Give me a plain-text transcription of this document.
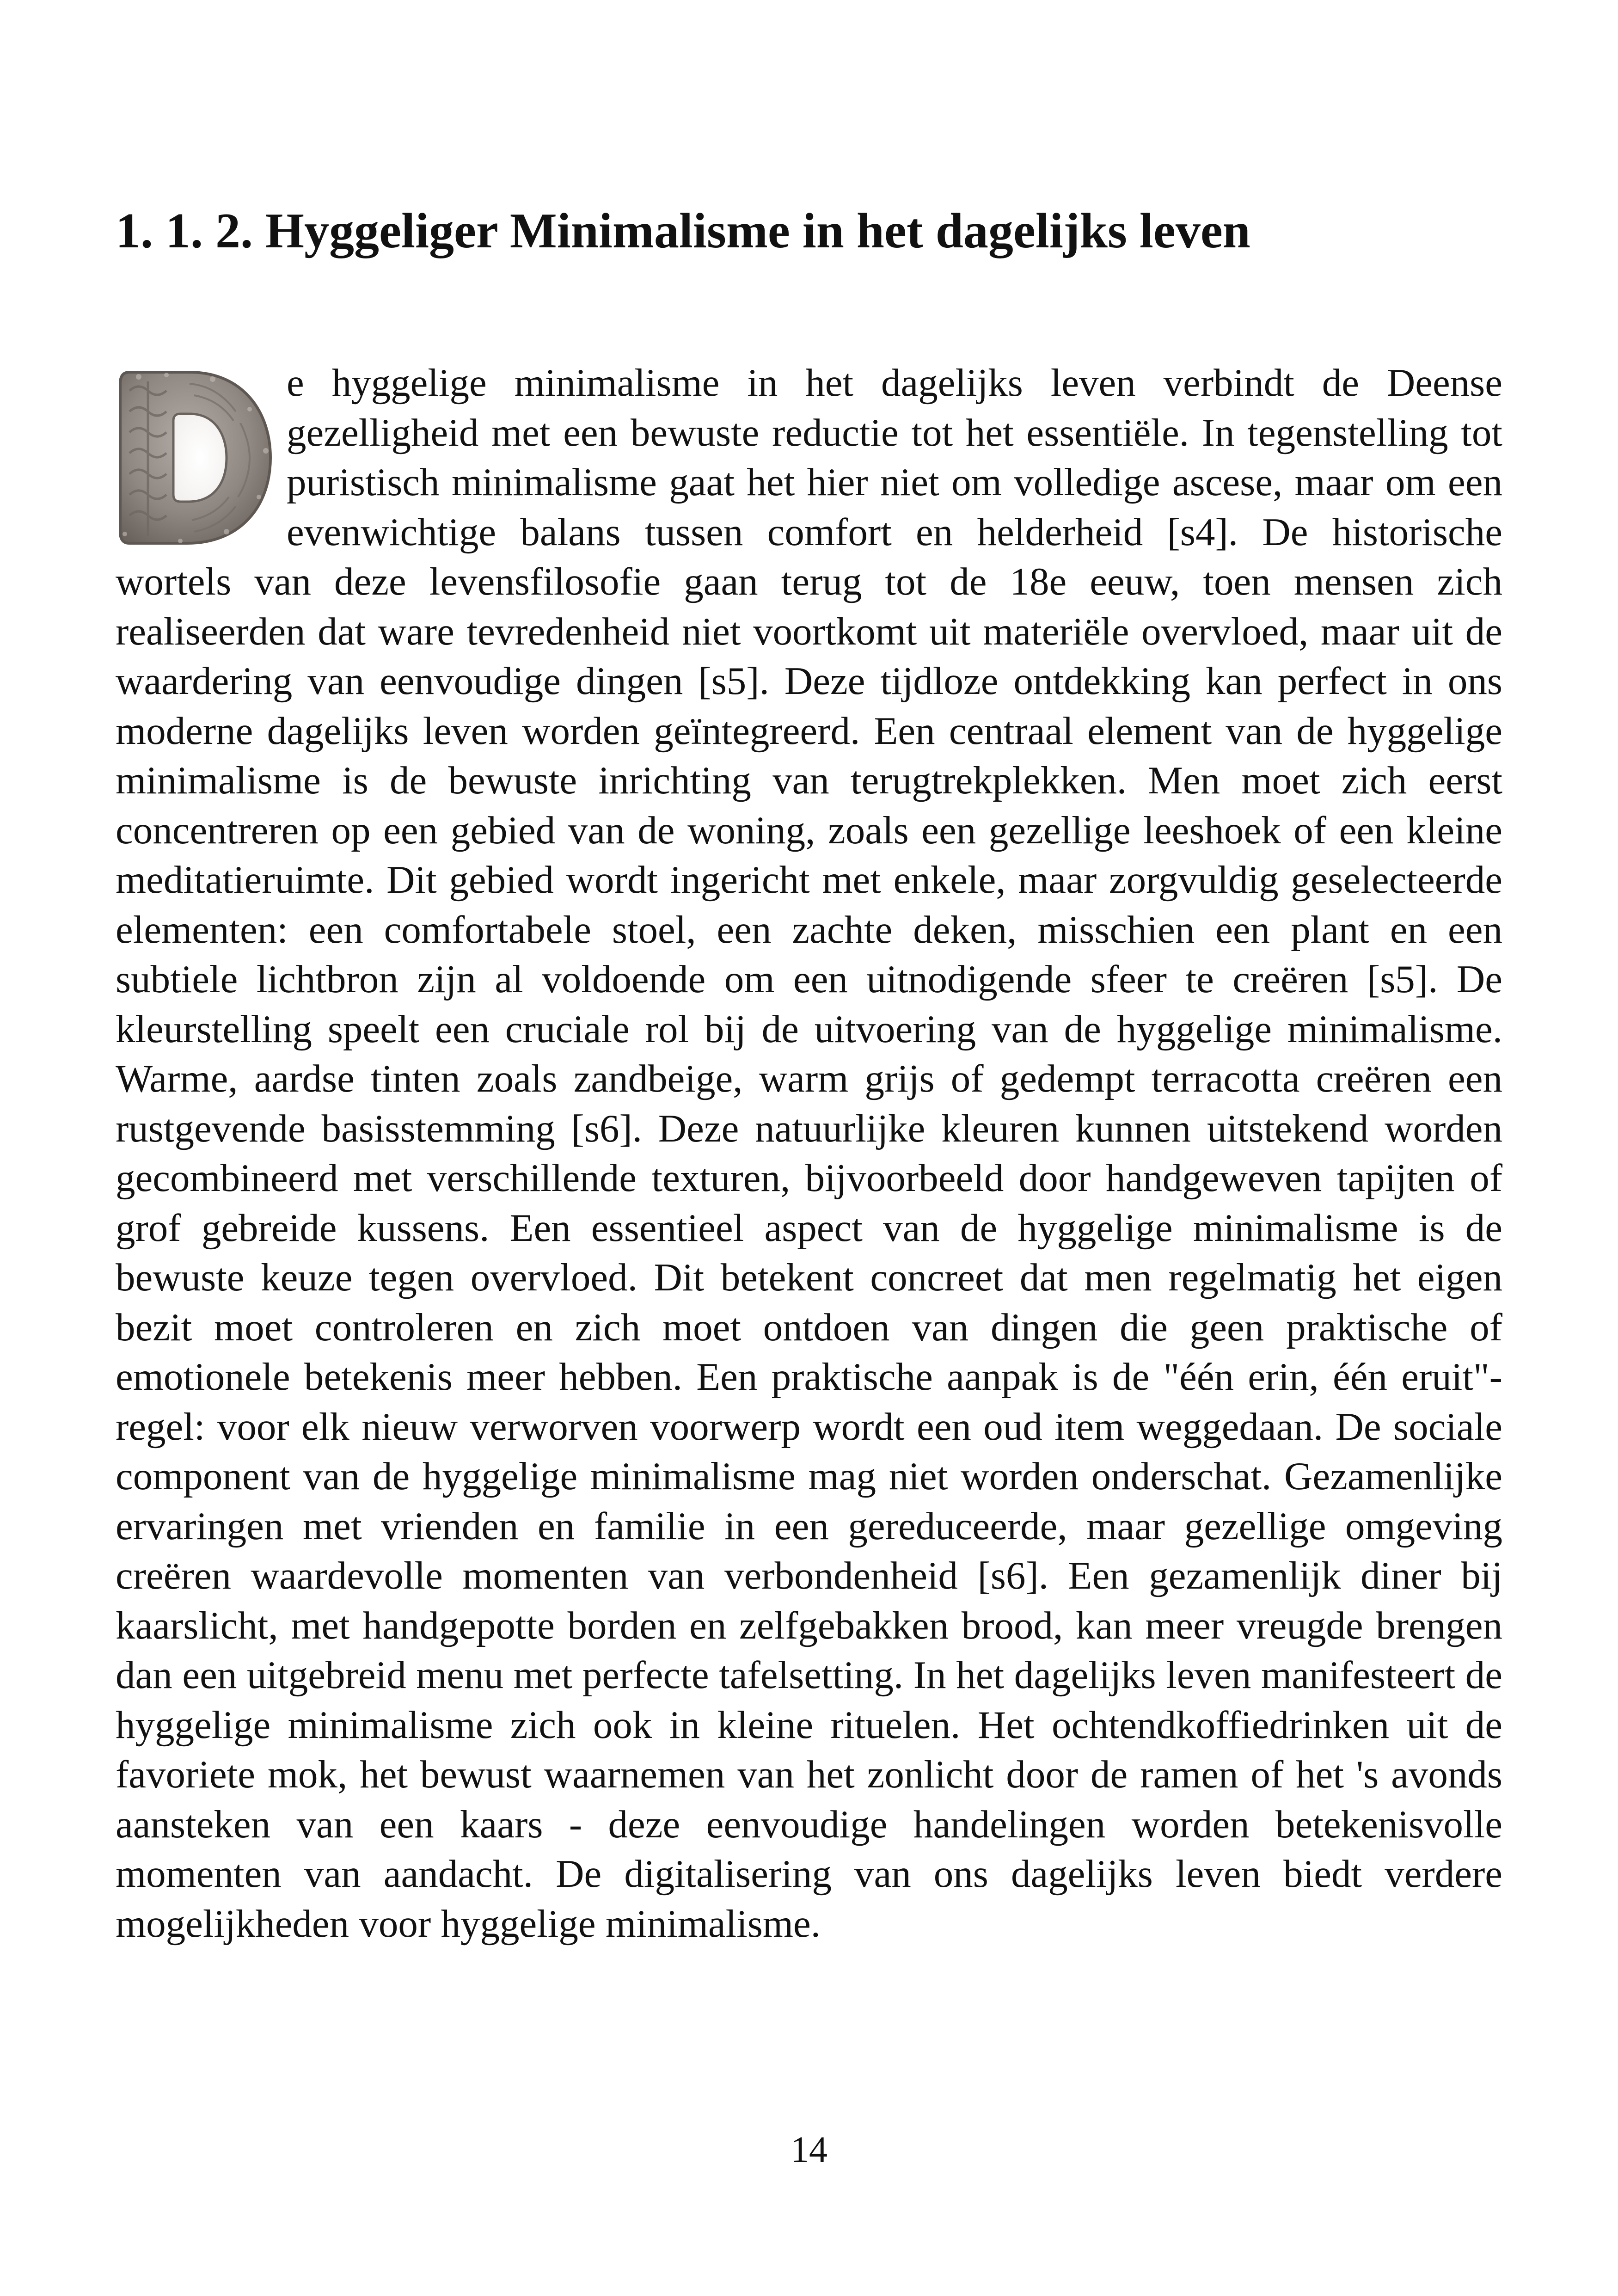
1. 1. 2. Hyggeliger Minimalisme in het dagelijks leven

e hyggelige minimalisme in het dagelijks leven verbindt de Deense gezelligheid met een bewuste reductie tot het essentiële. In tegenstelling tot puristisch minimalisme gaat het hier niet om volledige ascese, maar om een evenwichtige balans tussen comfort en helderheid [s4]. De historische wortels van deze levensfilosofie gaan terug tot de 18e eeuw, toen mensen zich realiseerden dat ware tevredenheid niet voortkomt uit materiële overvloed, maar uit de waardering van eenvoudige dingen [s5]. Deze tijdloze ontdekking kan perfect in ons moderne dagelijks leven worden geïntegreerd. Een centraal element van de hyggelige minimalisme is de bewuste inrichting van terugtrekplekken. Men moet zich eerst concentreren op een gebied van de woning, zoals een gezellige leeshoek of een kleine meditatieruimte. Dit gebied wordt ingericht met enkele, maar zorgvuldig geselecteerde elementen: een comfortabele stoel, een zachte deken, misschien een plant en een subtiele lichtbron zijn al voldoende om een uitnodigende sfeer te creëren [s5]. De kleurstelling speelt een cruciale rol bij de uitvoering van de hyggelige minimalisme. Warme, aardse tinten zoals zandbeige, warm grijs of gedempt terracotta creëren een rustgevende basisstemming [s6]. Deze natuurlijke kleuren kunnen uitstekend worden gecombineerd met verschillende texturen, bijvoorbeeld door handgeweven tapijten of grof gebreide kussens. Een essentieel aspect van de hyggelige minimalisme is de bewuste keuze tegen overvloed. Dit betekent concreet dat men regelmatig het eigen bezit moet controleren en zich moet ontdoen van dingen die geen praktische of emotionele betekenis meer hebben. Een praktische aanpak is de "één erin, één eruit"-regel: voor elk nieuw verworven voorwerp wordt een oud item weggedaan. De sociale component van de hyggelige minimalisme mag niet worden onderschat. Gezamenlijke ervaringen met vrienden en familie in een gereduceerde, maar gezellige omgeving creëren waardevolle momenten van verbondenheid [s6]. Een gezamenlijk diner bij kaarslicht, met handgepotte borden en zelfgebakken brood, kan meer vreugde brengen dan een uitgebreid menu met perfecte tafelsetting. In het dagelijks leven manifesteert de hyggelige minimalisme zich ook in kleine rituelen. Het ochtendkoffiedrinken uit de favoriete mok, het bewust waarnemen van het zonlicht door de ramen of het 's avonds aansteken van een kaars - deze eenvoudige handelingen worden betekenisvolle momenten van aandacht. De digitalisering van ons dagelijks leven biedt verdere mogelijkheden voor hyggelige minimalisme.

14
